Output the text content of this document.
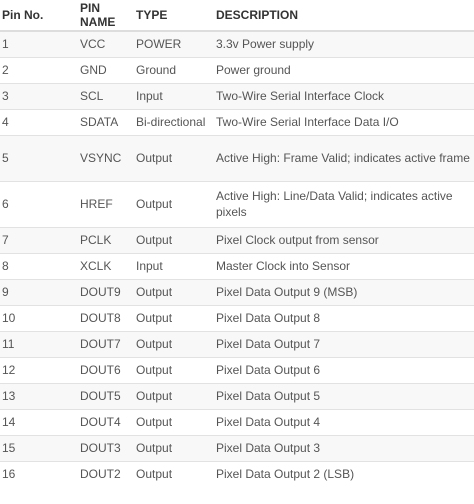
Pin No.	PIN NAME	TYPE	DESCRIPTION
1	VCC	POWER	3.3v Power supply
2	GND	Ground	Power ground
3	SCL	Input	Two-Wire Serial Interface Clock
4	SDATA	Bi-directional	Two-Wire Serial Interface Data I/O
5	VSYNC	Output	Active High: Frame Valid; indicates active frame
6	HREF	Output	Active High: Line/Data Valid; indicates active pixels
7	PCLK	Output	Pixel Clock output from sensor
8	XCLK	Input	Master Clock into Sensor
9	DOUT9	Output	Pixel Data Output 9 (MSB)
10	DOUT8	Output	Pixel Data Output 8
11	DOUT7	Output	Pixel Data Output 7
12	DOUT6	Output	Pixel Data Output 6
13	DOUT5	Output	Pixel Data Output 5
14	DOUT4	Output	Pixel Data Output 4
15	DOUT3	Output	Pixel Data Output 3
16	DOUT2	Output	Pixel Data Output 2 (LSB)
